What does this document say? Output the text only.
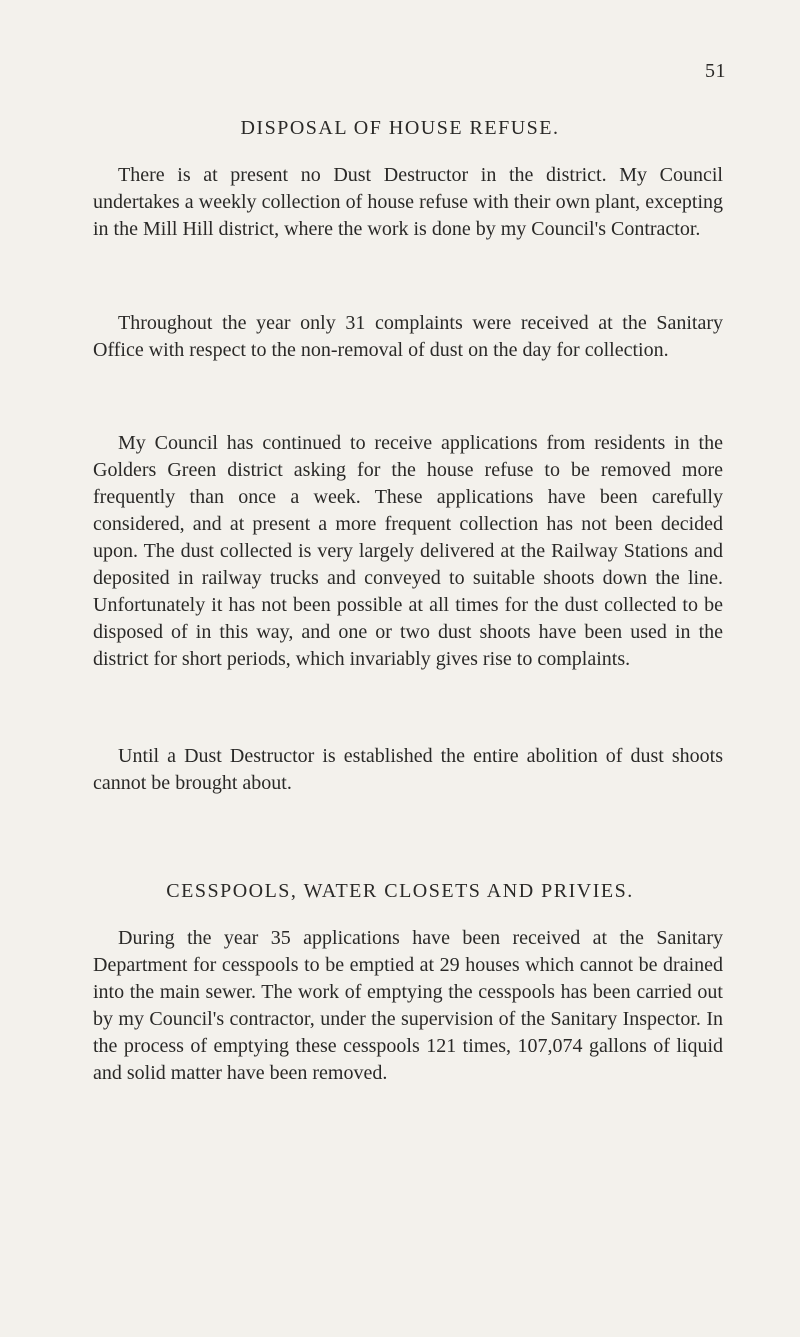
51
DISPOSAL OF HOUSE REFUSE.

There is at present no Dust Destructor in the district. My Council undertakes a weekly collection of house refuse with their own plant, excepting in the Mill Hill district, where the work is done by my Council's Contractor.

Throughout the year only 31 complaints were received at the Sanitary Office with respect to the non-removal of dust on the day for collection.

My Council has continued to receive applications from residents in the Golders Green district asking for the house refuse to be removed more frequently than once a week. These applications have been carefully considered, and at present a more frequent collection has not been decided upon. The dust collected is very largely delivered at the Railway Stations and deposited in railway trucks and conveyed to suitable shoots down the line. Unfortunately it has not been possible at all times for the dust collected to be disposed of in this way, and one or two dust shoots have been used in the district for short periods, which invariably gives rise to complaints.

Until a Dust Destructor is established the entire abolition of dust shoots cannot be brought about.

CESSPOOLS, WATER CLOSETS AND PRIVIES.

During the year 35 applications have been received at the Sanitary Department for cesspools to be emptied at 29 houses which cannot be drained into the main sewer. The work of emptying the cesspools has been carried out by my Council's contractor, under the supervision of the Sanitary Inspector. In the process of emptying these cesspools 121 times, 107,074 gallons of liquid and solid matter have been removed.
